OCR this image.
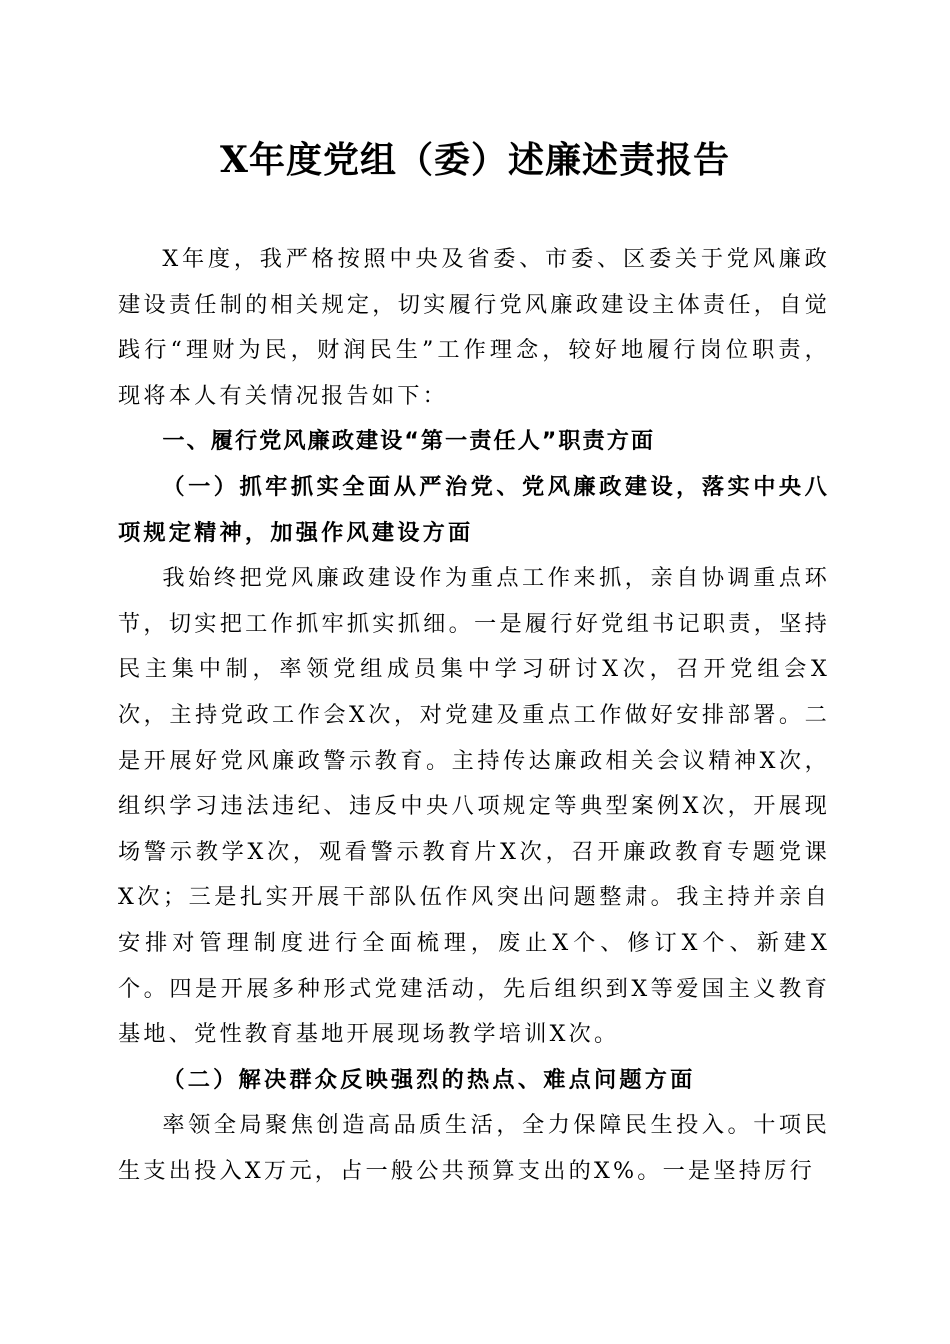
X年度党组（委）述廉述责报告

X年度，我严格按照中央及省委、市委、区委关于党风廉政建设责任制的相关规定，切实履行党风廉政建设主体责任，自觉践行“理财为民，财润民生”工作理念，较好地履行岗位职责，现将本人有关情况报告如下：

一、履行党风廉政建设“第一责任人”职责方面

（一）抓牢抓实全面从严治党、党风廉政建设，落实中央八项规定精神，加强作风建设方面

我始终把党风廉政建设作为重点工作来抓，亲自协调重点环节，切实把工作抓牢抓实抓细。一是履行好党组书记职责，坚持民主集中制，率领党组成员集中学习研讨X次，召开党组会X次，主持党政工作会X次，对党建及重点工作做好安排部署。二是开展好党风廉政警示教育。主持传达廉政相关会议精神X次，组织学习违法违纪、违反中央八项规定等典型案例X次，开展现场警示教学X次，观看警示教育片X次，召开廉政教育专题党课X次；三是扎实开展干部队伍作风突出问题整肃。我主持并亲自安排对管理制度进行全面梳理，废止X个、修订X个、新建X个。四是开展多种形式党建活动，先后组织到X等爱国主义教育基地、党性教育基地开展现场教学培训X次。

（二）解决群众反映强烈的热点、难点问题方面

率领全局聚焦创造高品质生活，全力保障民生投入。十项民生支出投入X万元，占一般公共预算支出的X%。一是坚持厉行
